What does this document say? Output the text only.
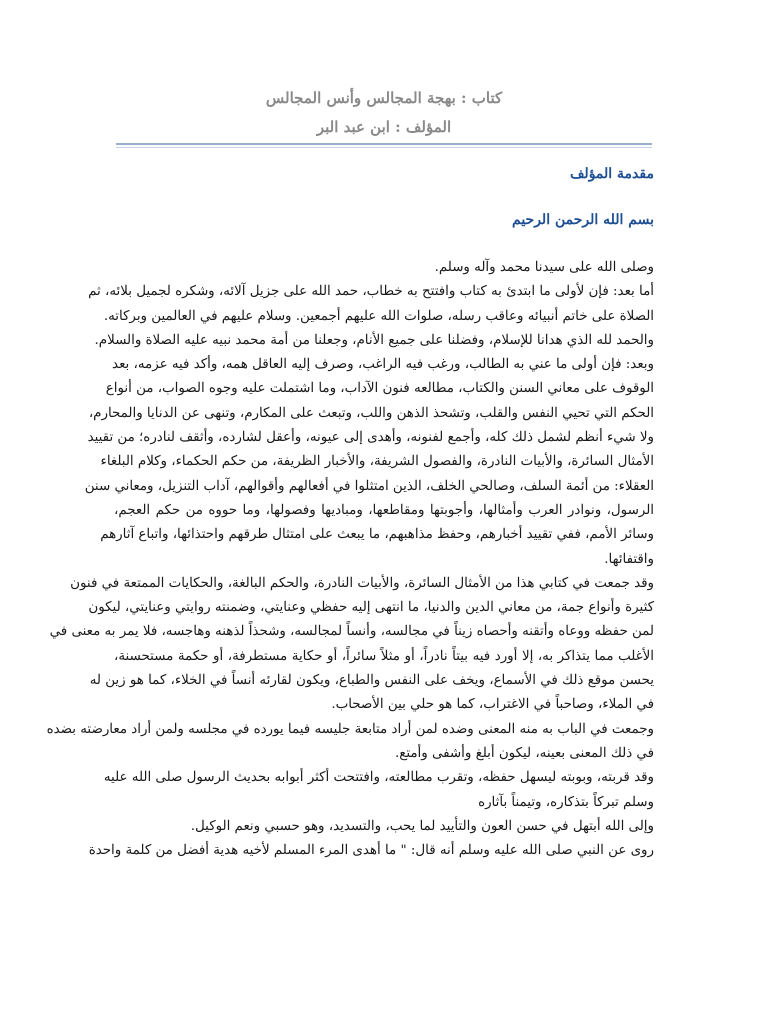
كتاب : بهجة المجالس وأنس المجالس
المؤلف : ابن عبد البر
مقدمة المؤلف
بسم الله الرحمن الرحيم

وصلى الله على سيدنا محمد وآله وسلم.

أما بعد: فإن لأولى ما ابتدئ به كتاب وافتتح به خطاب، حمد الله على جزيل آلائه، وشكره لجميل بلائه، ثم
الصلاة على خاتم أنبيائه وعاقب رسله، صلوات الله عليهم أجمعين. وسلام عليهم في العالمين وبركاته.

والحمد لله الذي هدانا للإسلام، وفضلنا على جميع الأنام، وجعلنا من أمة محمد نبيه عليه الصلاة والسلام.

وبعد: فإن أولى ما عني به الطالب، ورغب فيه الراغب، وصرف إليه العاقل همه، وأكد فيه عزمه، بعد
الوقوف على معاني السنن والكتاب، مطالعه فنون الآداب، وما اشتملت عليه وجوه الصواب، من أنواع
الحكم التي تحيي النفس والقلب، وتشحذ الذهن واللب، وتبعث على المكارم، وتنهى عن الدنايا والمحارم،
ولا شيء أنظم لشمل ذلك كله، وأجمع لفنونه، وأهدى إلى عيونه، وأعقل لشارده، وأثقف لنادره؛ من تقييد
الأمثال السائرة، والأبيات النادرة، والفصول الشريفة، والأخبار الظريفة، من حكم الحكماء، وكلام البلغاء
العقلاء: من أئمة السلف، وصالحي الخلف، الذين امتثلوا في أفعالهم وأقوالهم، آداب التنزيل، ومعاني سنن
الرسول، ونوادر العرب وأمثالها، وأجوبتها ومقاطعها، ومباديها وفصولها، وما حووه من حكم العجم،
وسائر الأمم، ففي تقييد أخبارهم، وحفظ مذاهبهم، ما يبعث على امتثال طرقهم واحتذائها، واتباع آثارهم
واقتفائها.

وقد جمعت في كتابي هذا من الأمثال السائرة، والأبيات النادرة، والحكم البالغة، والحكايات الممتعة في فنون
كثيرة وأنواع جمة، من معاني الدين والدنيا، ما انتهى إليه حفظي وعنايتي، وضمنته روايتي وعنايتي، ليكون
لمن حفظه ووعاه وأتقنه وأحصاه زيناً في مجالسه، وأنساً لمجالسه، وشحذاً لذهنه وهاجسه، فلا يمر به معنى في
الأغلب مما يتذاكر به، إلا أورد فيه بيتاً نادراً، أو مثلاً سائراً، أو حكاية مستطرفة، أو حكمة مستحسنة،
يحسن موقع ذلك في الأسماع، ويخف على النفس والطباع، ويكون لقارئه أنساً في الخلاء، كما هو زين له
في الملاء، وصاحباً في الاغتراب، كما هو حلي بين الأصحاب.

وجمعت في الباب به منه المعنى وضده لمن أراد متابعة جليسه فيما يورده في مجلسه ولمن أراد معارضته بضده
في ذلك المعنى بعينه، ليكون أبلغ وأشفى وأمتع.

وقد قربته، وبوبته ليسهل حفظه، وتقرب مطالعته، وافتتحت أكثر أبوابه بحديث الرسول صلى الله عليه
وسلم تبركاً بتذكاره، وتيمناً بآثاره

وإلى الله أبتهل في حسن العون والتأييد لما يحب، والتسديد، وهو حسبي ونعم الوكيل.

روى عن النبي صلى الله عليه وسلم أنه قال: " ما أهدى المرء المسلم لأخيه هدية أفضل من كلمة واحدة
